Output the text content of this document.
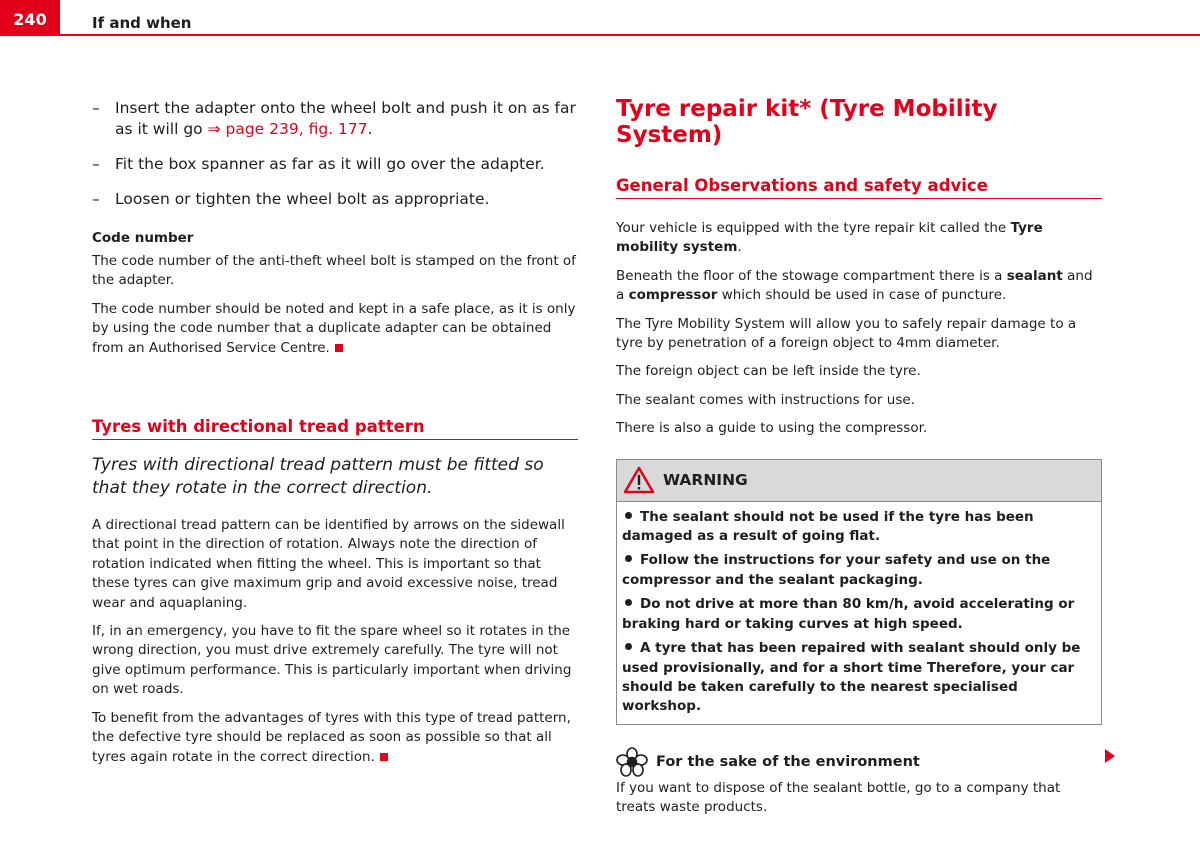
240	If and when
– Insert the adapter onto the wheel bolt and push it on as far as it will go ⇒ page 239, fig. 177.
– Fit the box spanner as far as it will go over the adapter.
– Loosen or tighten the wheel bolt as appropriate.
Code number

The code number of the anti-theft wheel bolt is stamped on the front of the adapter.

The code number should be noted and kept in a safe place, as it is only by using the code number that a duplicate adapter can be obtained from an Authorised Service Centre.

Tyres with directional tread pattern
Tyres with directional tread pattern must be fitted so that they rotate in the correct direction.

A directional tread pattern can be identified by arrows on the sidewall that point in the direction of rotation. Always note the direction of rotation indicated when fitting the wheel. This is important so that these tyres can give maximum grip and avoid excessive noise, tread wear and aquaplaning.

If, in an emergency, you have to fit the spare wheel so it rotates in the wrong direction, you must drive extremely carefully. The tyre will not give optimum performance. This is particularly important when driving on wet roads.

To benefit from the advantages of tyres with this type of tread pattern, the defective tyre should be replaced as soon as possible so that all tyres again rotate in the correct direction.

Tyre repair kit* (Tyre Mobility System)
General Observations and safety advice

Your vehicle is equipped with the tyre repair kit called the Tyre mobility system.

Beneath the floor of the stowage compartment there is a sealant and a compressor which should be used in case of puncture.

The Tyre Mobility System will allow you to safely repair damage to a tyre by penetration of a foreign object to 4mm diameter.

The foreign object can be left inside the tyre.

The sealant comes with instructions for use.

There is also a guide to using the compressor.

WARNING
The sealant should not be used if the tyre has been damaged as a result of going flat.
Follow the instructions for your safety and use on the compressor and the sealant packaging.
Do not drive at more than 80 km/h, avoid accelerating or braking hard or taking curves at high speed.
A tyre that has been repaired with sealant should only be used provisionally, and for a short time Therefore, your car should be taken carefully to the nearest specialised workshop.
For the sake of the environment

If you want to dispose of the sealant bottle, go to a company that treats waste products.
